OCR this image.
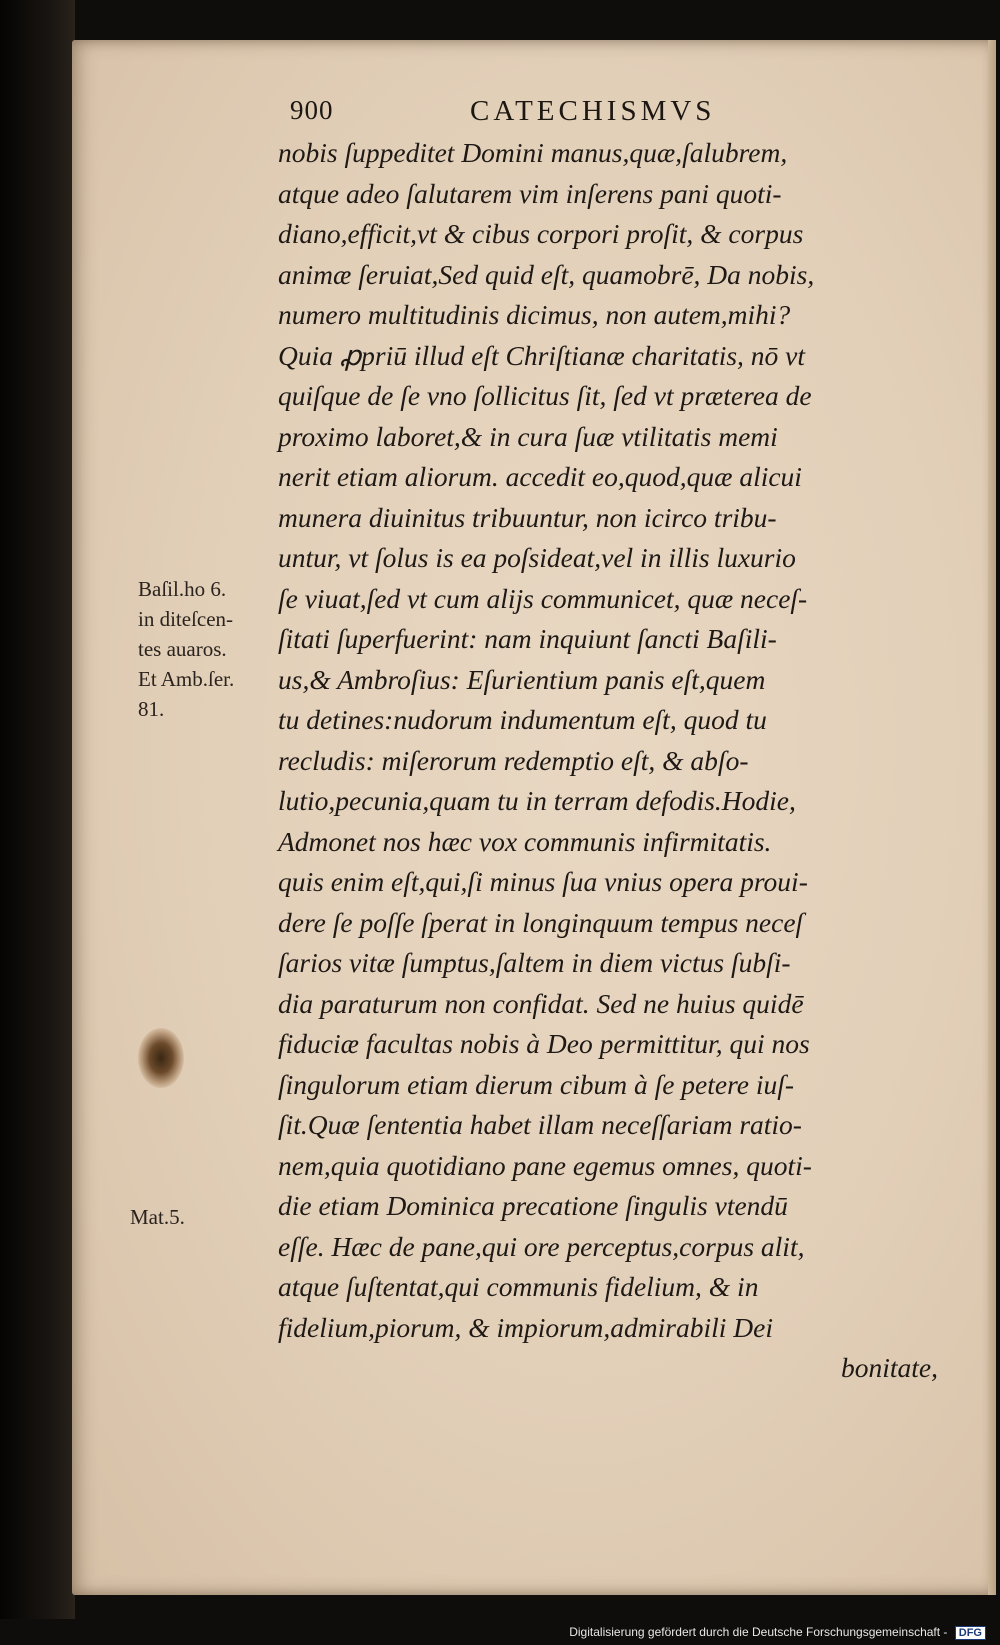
900	CATECHISMVS
nobis ſuppeditet Domini manus,quæ,ſalubrem,
atque adeo ſalutarem vim inſerens pani quoti-
diano,efficit,vt & cibus corpori proſit, & corpus
animæ ſeruiat,Sed quid eſt, quamobrē, Da nobis,
numero multitudinis dicimus, non autem,mihi?
Quia ꝓpriū illud eſt Chriſtianæ charitatis, nō vt
quiſque de ſe vno ſollicitus ſit, ſed vt præterea de
proximo laboret,& in cura ſuæ vtilitatis memi
nerit etiam aliorum. accedit eo,quod,quæ alicui
munera diuinitus tribuuntur, non icirco tribu-
untur, vt ſolus is ea poſsideat,vel in illis luxurio
ſe viuat,ſed vt cum alijs communicet, quæ neceſ-
ſitati ſuperfuerint: nam inquiunt ſancti Baſili-
us,& Ambroſius: Eſurientium panis eſt,quem
tu detines:nudorum indumentum eſt, quod tu
recludis: miſerorum redemptio eſt, & abſo-
lutio,pecunia,quam tu in terram defodis.Hodie,
Admonet nos hæc vox communis infirmitatis.
quis enim eſt,qui,ſi minus ſua vnius opera proui-
dere ſe poſſe ſperat in longinquum tempus neceſ
ſarios vitæ ſumptus,ſaltem in diem victus ſubſi-
dia paraturum non confidat. Sed ne huius quidē
fiduciæ facultas nobis à Deo permittitur, qui nos
ſingulorum etiam dierum cibum à ſe petere iuſ-
ſit.Quæ ſententia habet illam neceſſariam ratio-
nem,quia quotidiano pane egemus omnes, quoti-
die etiam Dominica precatione ſingulis vtendū
eſſe. Hæc de pane,qui ore perceptus,corpus alit,
atque ſuſtentat,qui communis fidelium, & in
fidelium,piorum, & impiorum,admirabili Dei
bonitate,
Baſil.ho 6.
in diteſcen-
tes auaros.
Et Amb.ſer.
81.
Mat.5.
Digitalisierung gefördert durch die Deutsche Forschungsgemeinschaft - DFG
